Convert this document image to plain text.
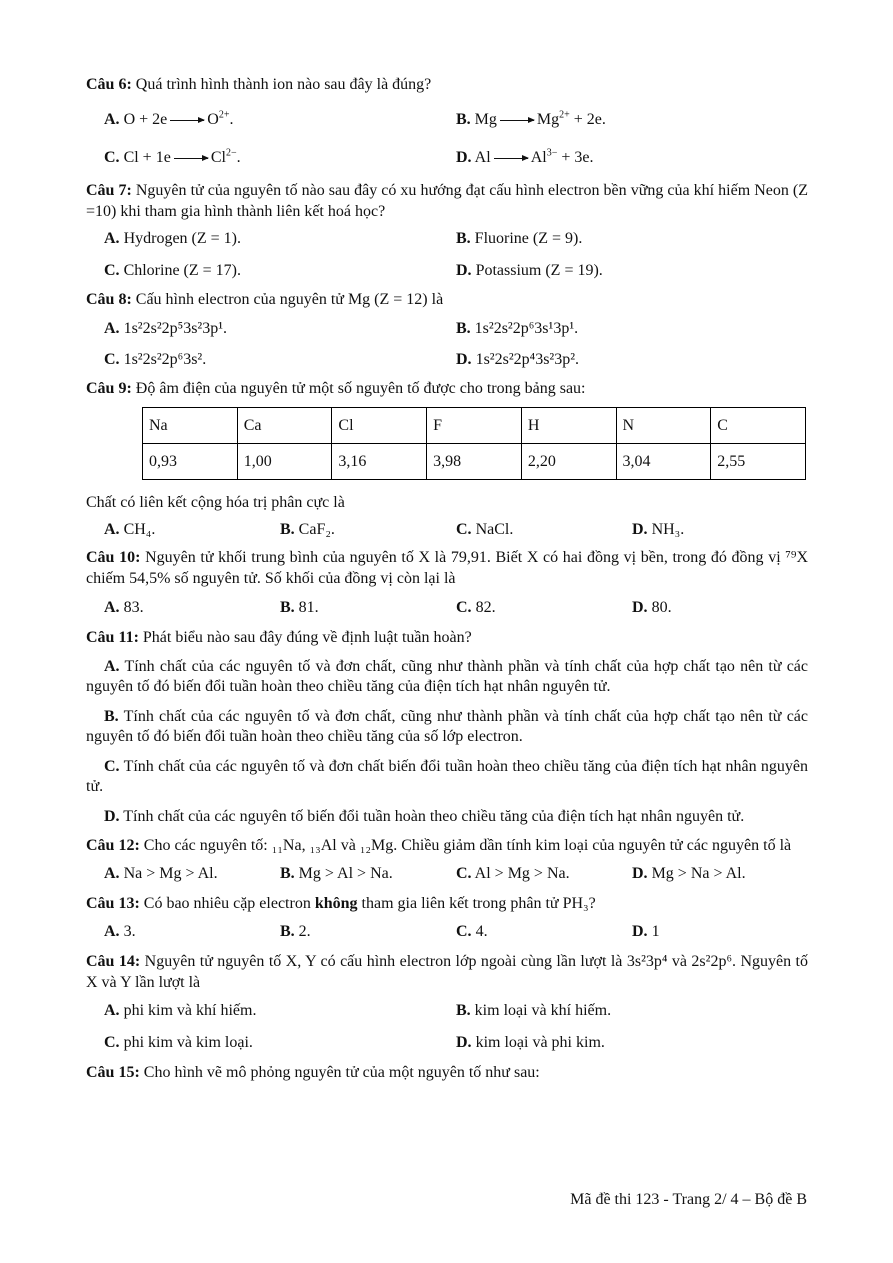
Câu 6: Quá trình hình thành ion nào sau đây là đúng?

A. $O + 2e \to O^{2+}$.	B. $Mg \to Mg^{2+} + 2e$.
C. $Cl + 1e \to Cl^{2-}$.	D. $Al \to Al^{3-} + 3e$.

Câu 7: Nguyên tử của nguyên tố nào sau đây có xu hướng đạt cấu hình electron bền vững của khí hiếm Neon (Z =10) khi tham gia hình thành liên kết hoá học?

A. Hydrogen (Z = 1).	B. Fluorine (Z = 9).
C. Chlorine (Z = 17).	D. Potassium (Z = 19).

Câu 8: Cấu hình electron của nguyên tử Mg (Z = 12) là

A. 1s²2s²2p⁵3s²3p¹.	B. 1s²2s²2p⁶3s¹3p¹.
C. 1s²2s²2p⁶3s².	D. 1s²2s²2p⁴3s²3p².

Câu 9: Độ âm điện của nguyên tử một số nguyên tố được cho trong bảng sau:

Na	Ca	Cl	F	H	N	C
0,93	1,00	3,16	3,98	2,20	3,04	2,55

Chất có liên kết cộng hóa trị phân cực là

A. CH₄.	B. CaF₂.	C. NaCl.	D. NH₃.

Câu 10: Nguyên tử khối trung bình của nguyên tố X là 79,91. Biết X có hai đồng vị bền, trong đó đồng vị ⁷⁹X chiếm 54,5% số nguyên tử. Số khối của đồng vị còn lại là

A. 83.	B. 81.	C. 82.	D. 80.

Câu 11: Phát biểu nào sau đây đúng về định luật tuần hoàn?

A. Tính chất của các nguyên tố và đơn chất, cũng như thành phần và tính chất của hợp chất tạo nên từ các nguyên tố đó biến đổi tuần hoàn theo chiều tăng của điện tích hạt nhân nguyên tử.

B. Tính chất của các nguyên tố và đơn chất, cũng như thành phần và tính chất của hợp chất tạo nên từ các nguyên tố đó biến đổi tuần hoàn theo chiều tăng của số lớp electron.

C. Tính chất của các nguyên tố và đơn chất biến đổi tuần hoàn theo chiều tăng của điện tích hạt nhân nguyên tử.

D. Tính chất của các nguyên tố biến đổi tuần hoàn theo chiều tăng của điện tích hạt nhân nguyên tử.

Câu 12: Cho các nguyên tố: ₁₁Na, ₁₃Al và ₁₂Mg. Chiều giảm dần tính kim loại của nguyên tử các nguyên tố là

A. Na > Mg > Al.	B. Mg > Al > Na.	C. Al > Mg > Na.	D. Mg > Na > Al.

Câu 13: Có bao nhiêu cặp electron không tham gia liên kết trong phân tử PH₃?

A. 3.	B. 2.	C. 4.	D. 1

Câu 14: Nguyên tử nguyên tố X, Y có cấu hình electron lớp ngoài cùng lần lượt là 3s²3p⁴ và 2s²2p⁶. Nguyên tố X và Y lần lượt là

A. phi kim và khí hiếm.	B. kim loại và khí hiếm.
C. phi kim và kim loại.	D. kim loại và phi kim.

Câu 15: Cho hình vẽ mô phỏng nguyên tử của một nguyên tố như sau:

Mã đề thi 123 - Trang 2/ 4 – Bộ đề B
